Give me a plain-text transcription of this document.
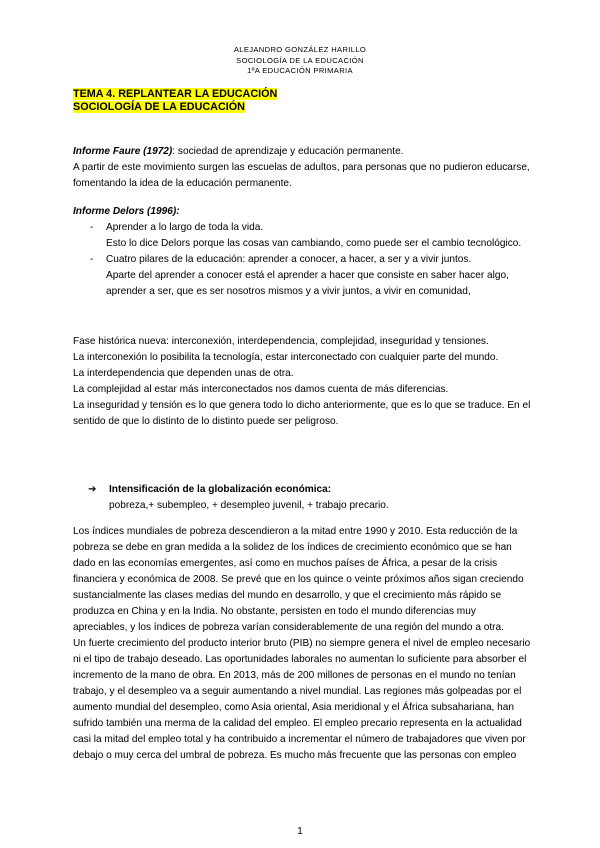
ALEJANDRO GONZÁLEZ HARILLO
SOCIOLOGÍA DE LA EDUCACIÓN
1ºA EDUCACIÓN PRIMARIA
TEMA 4. REPLANTEAR LA EDUCACIÓN
SOCIOLOGÍA DE LA EDUCACIÓN

Informe Faure (1972): sociedad de aprendizaje y educación permanente.

A partir de este movimiento surgen las escuelas de adultos, para personas que no pudieron educarse, fomentando la idea de la educación permanente.

Informe Delors (1996):

- Aprender a lo largo de toda la vida.
Esto lo dice Delors porque las cosas van cambiando, como puede ser el cambio tecnológico.
- Cuatro pilares de la educación: aprender a conocer, a hacer, a ser y a vivir juntos.
Aparte del aprender a conocer está el aprender a hacer que consiste en saber hacer algo, aprender a ser, que es ser nosotros mismos y a vivir juntos, a vivir en comunidad,

Fase histórica nueva: interconexión, interdependencia, complejidad, inseguridad y tensiones.

La interconexión lo posibilita la tecnología, estar interconectado con cualquier parte del mundo.

La interdependencia que dependen unas de otra.

La complejidad al estar más interconectados nos damos cuenta de más diferencias.

La inseguridad y tensión es lo que genera todo lo dicho anteriormente, que es lo que se traduce. En el sentido de que lo distinto de lo distinto puede ser peligroso.

➔ Intensificación de la globalización económica:
pobreza,+ subempleo, + desempleo juvenil, + trabajo precario.

Los índices mundiales de pobreza descendieron a la mitad entre 1990 y 2010. Esta reducción de la pobreza se debe en gran medida a la solidez de los índices de crecimiento económico que se han dado en las economías emergentes, así como en muchos países de África, a pesar de la crisis financiera y económica de 2008. Se prevé que en los quince o veinte próximos años sigan creciendo sustancialmente las clases medias del mundo en desarrollo, y que el crecimiento más rápido se produzca en China y en la India. No obstante, persisten en todo el mundo diferencias muy apreciables, y los índices de pobreza varían considerablemente de una región del mundo a otra.

Un fuerte crecimiento del producto interior bruto (PIB) no siempre genera el nivel de empleo necesario ni el tipo de trabajo deseado. Las oportunidades laborales no aumentan lo suficiente para absorber el incremento de la mano de obra. En 2013, más de 200 millones de personas en el mundo no tenían trabajo, y el desempleo va a seguir aumentando a nivel mundial. Las regiones más golpeadas por el aumento mundial del desempleo, como Asia oriental, Asia meridional y el África subsahariana, han sufrido también una merma de la calidad del empleo. El empleo precario representa en la actualidad casi la mitad del empleo total y ha contribuido a incrementar el número de trabajadores que viven por debajo o muy cerca del umbral de pobreza. Es mucho más frecuente que las personas con empleo

1
